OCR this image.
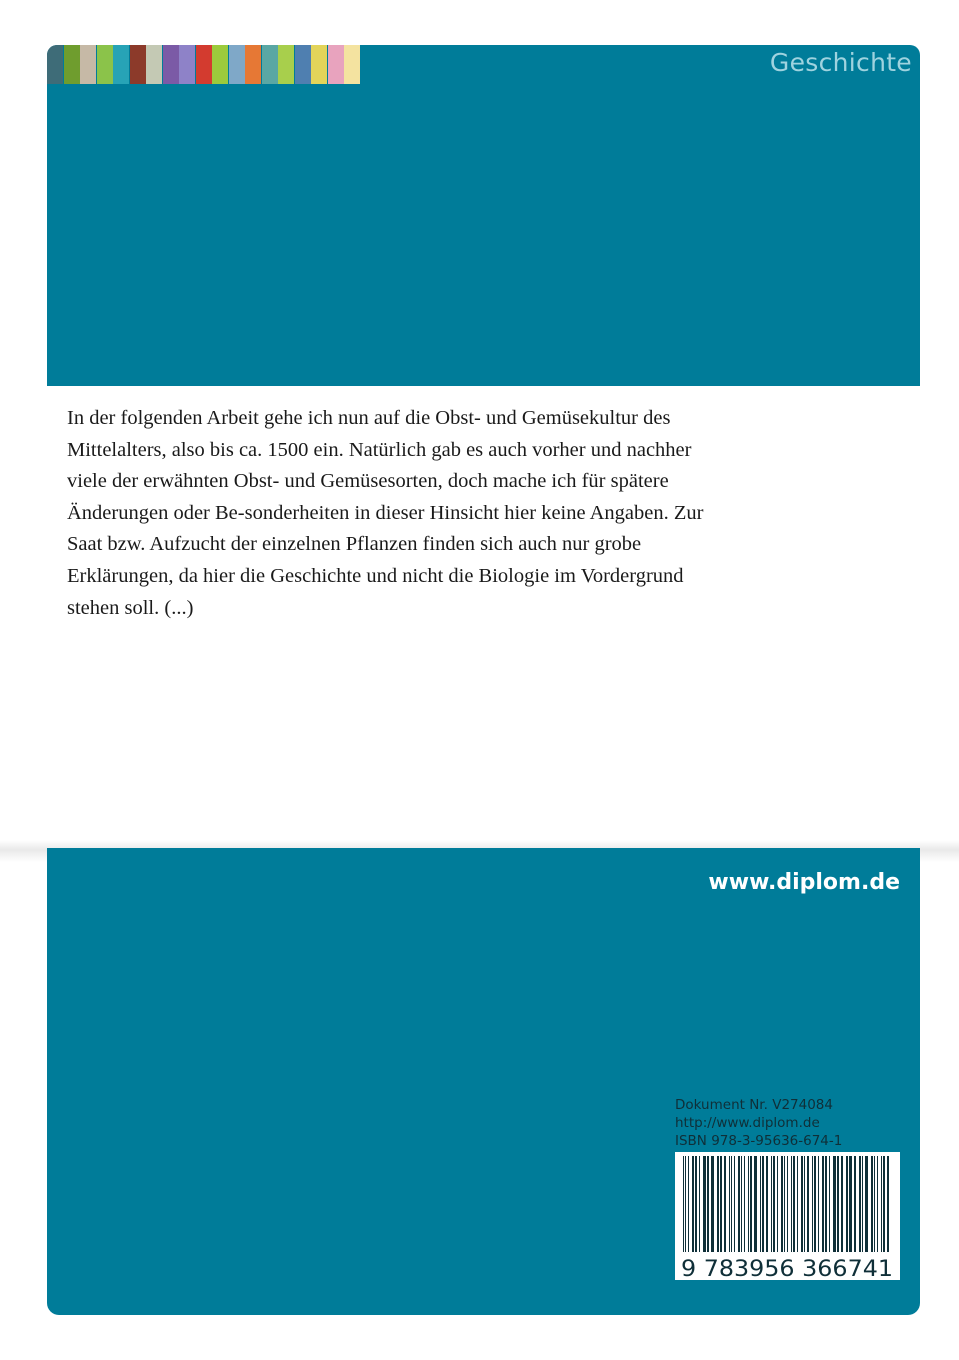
Geschichte
In der folgenden Arbeit gehe ich nun auf die Obst- und Gemüsekultur des
Mittelalters, also bis ca. 1500 ein. Natürlich gab es auch vorher und nachher
viele der erwähnten Obst- und Gemüsesorten, doch mache ich für spätere
Änderungen oder Be-sonderheiten in dieser Hinsicht hier keine Angaben. Zur
Saat bzw. Aufzucht der einzelnen Pflanzen finden sich auch nur grobe
Erklärungen, da hier die Geschichte und nicht die Biologie im Vordergrund
stehen soll. (...)
www.diplom.de
Dokument Nr. V274084
http://www.diplom.de
ISBN 978-3-95636-674-1
9 783956 366741
